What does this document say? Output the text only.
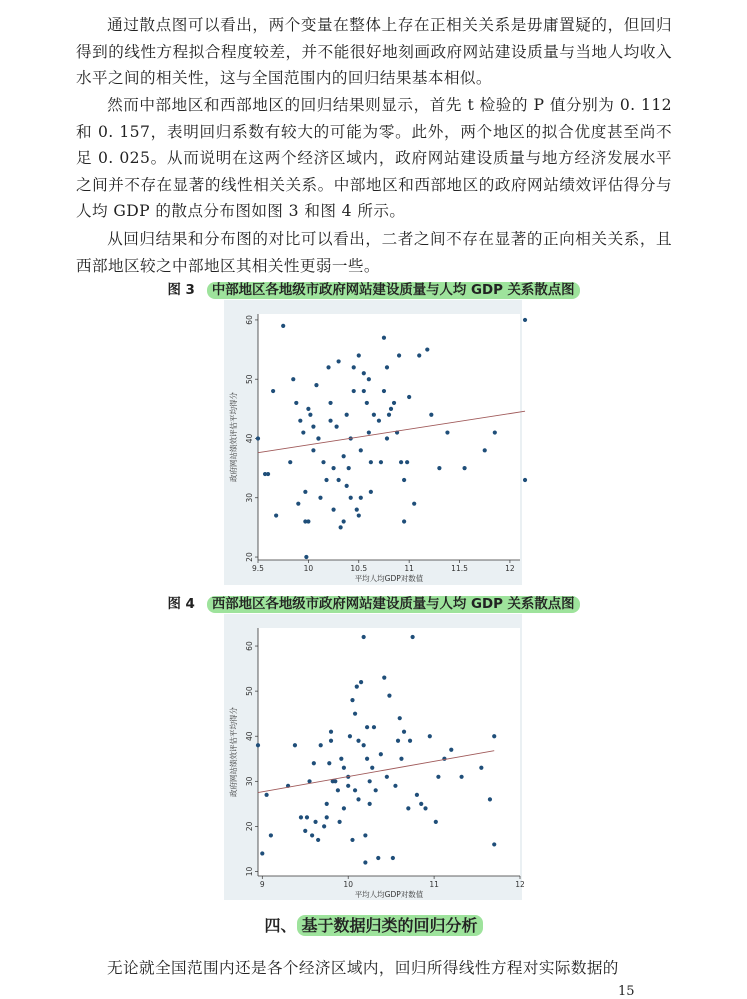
通过散点图可以看出，两个变量在整体上存在正相关关系是毋庸置疑的，但回归得到的线性方程拟合程度较差，并不能很好地刻画政府网站建设质量与当地人均收入水平之间的相关性，这与全国范围内的回归结果基本相似。
然而中部地区和西部地区的回归结果则显示，首先 t 检验的 P 值分别为 0. 112 和 0. 157，表明回归系数有较大的可能为零。此外，两个地区的拟合优度甚至尚不足 0. 025。从而说明在这两个经济区域内，政府网站建设质量与地方经济发展水平之间并不存在显著的线性相关关系。中部地区和西部地区的政府网站绩效评估得分与人均 GDP 的散点分布图如图 3 和图 4 所示。
从回归结果和分布图的对比可以看出，二者之间不存在显著的正向相关关系，且西部地区较之中部地区其相关性更弱一些。
图 3 中部地区各地级市政府网站建设质量与人均 GDP 关系散点图
9.5	10	10.5	11	11.5	12
20
30
40
50
60
平均人均GDP对数值
政府网站绩效评估平均得分
图 4 西部地区各地级市政府网站建设质量与人均 GDP 关系散点图
9	10	11	12
10
20
30
40
50
60
平均人均GDP对数值
政府网站绩效评估平均得分
四、 基于数据归类的回归分析
无论就全国范围内还是各个经济区域内，回归所得线性方程对实际数据的
15
